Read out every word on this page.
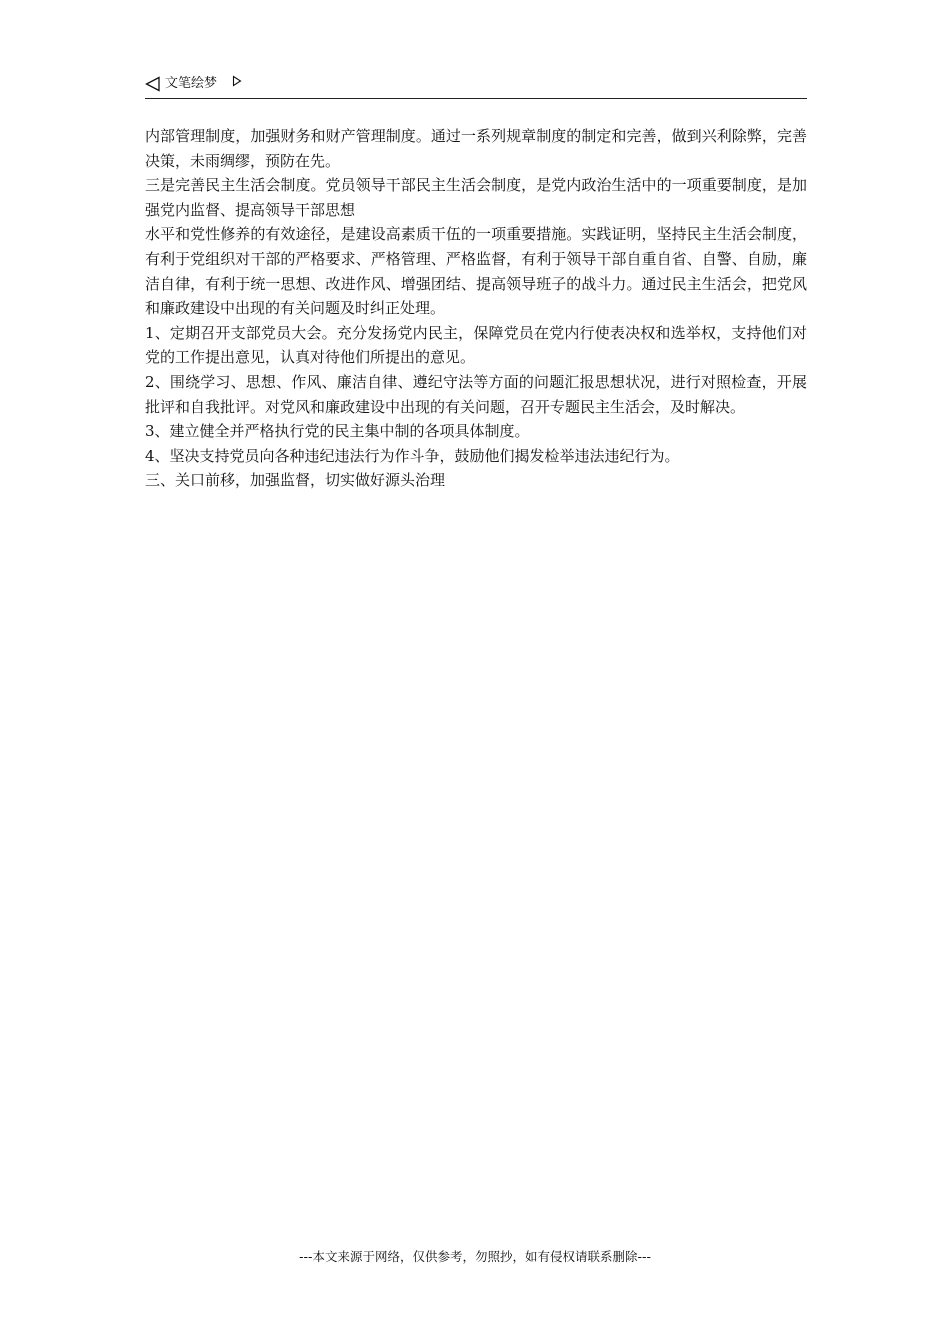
文笔绘梦

内部管理制度，加强财务和财产管理制度。通过一系列规章制度的制定和完善，做到兴利除弊，完善决策，未雨绸缪，预防在先。

三是完善民主生活会制度。党员领导干部民主生活会制度，是党内政治生活中的一项重要制度，是加强党内监督、提高领导干部思想

水平和党性修养的有效途径，是建设高素质干伍的一项重要措施。实践证明，坚持民主生活会制度，有利于党组织对干部的严格要求、严格管理、严格监督，有利于领导干部自重自省、自警、自励，廉洁自律，有利于统一思想、改进作风、增强团结、提高领导班子的战斗力。通过民主生活会，把党风和廉政建设中出现的有关问题及时纠正处理。

1、定期召开支部党员大会。充分发扬党内民主，保障党员在党内行使表决权和选举权，支持他们对党的工作提出意见，认真对待他们所提出的意见。

2、围绕学习、思想、作风、廉洁自律、遵纪守法等方面的问题汇报思想状况，进行对照检查，开展批评和自我批评。对党风和廉政建设中出现的有关问题，召开专题民主生活会，及时解决。

3、建立健全并严格执行党的民主集中制的各项具体制度。

4、坚决支持党员向各种违纪违法行为作斗争，鼓励他们揭发检举违法违纪行为。

三、关口前移，加强监督，切实做好源头治理

---本文来源于网络，仅供参考，勿照抄，如有侵权请联系删除---
